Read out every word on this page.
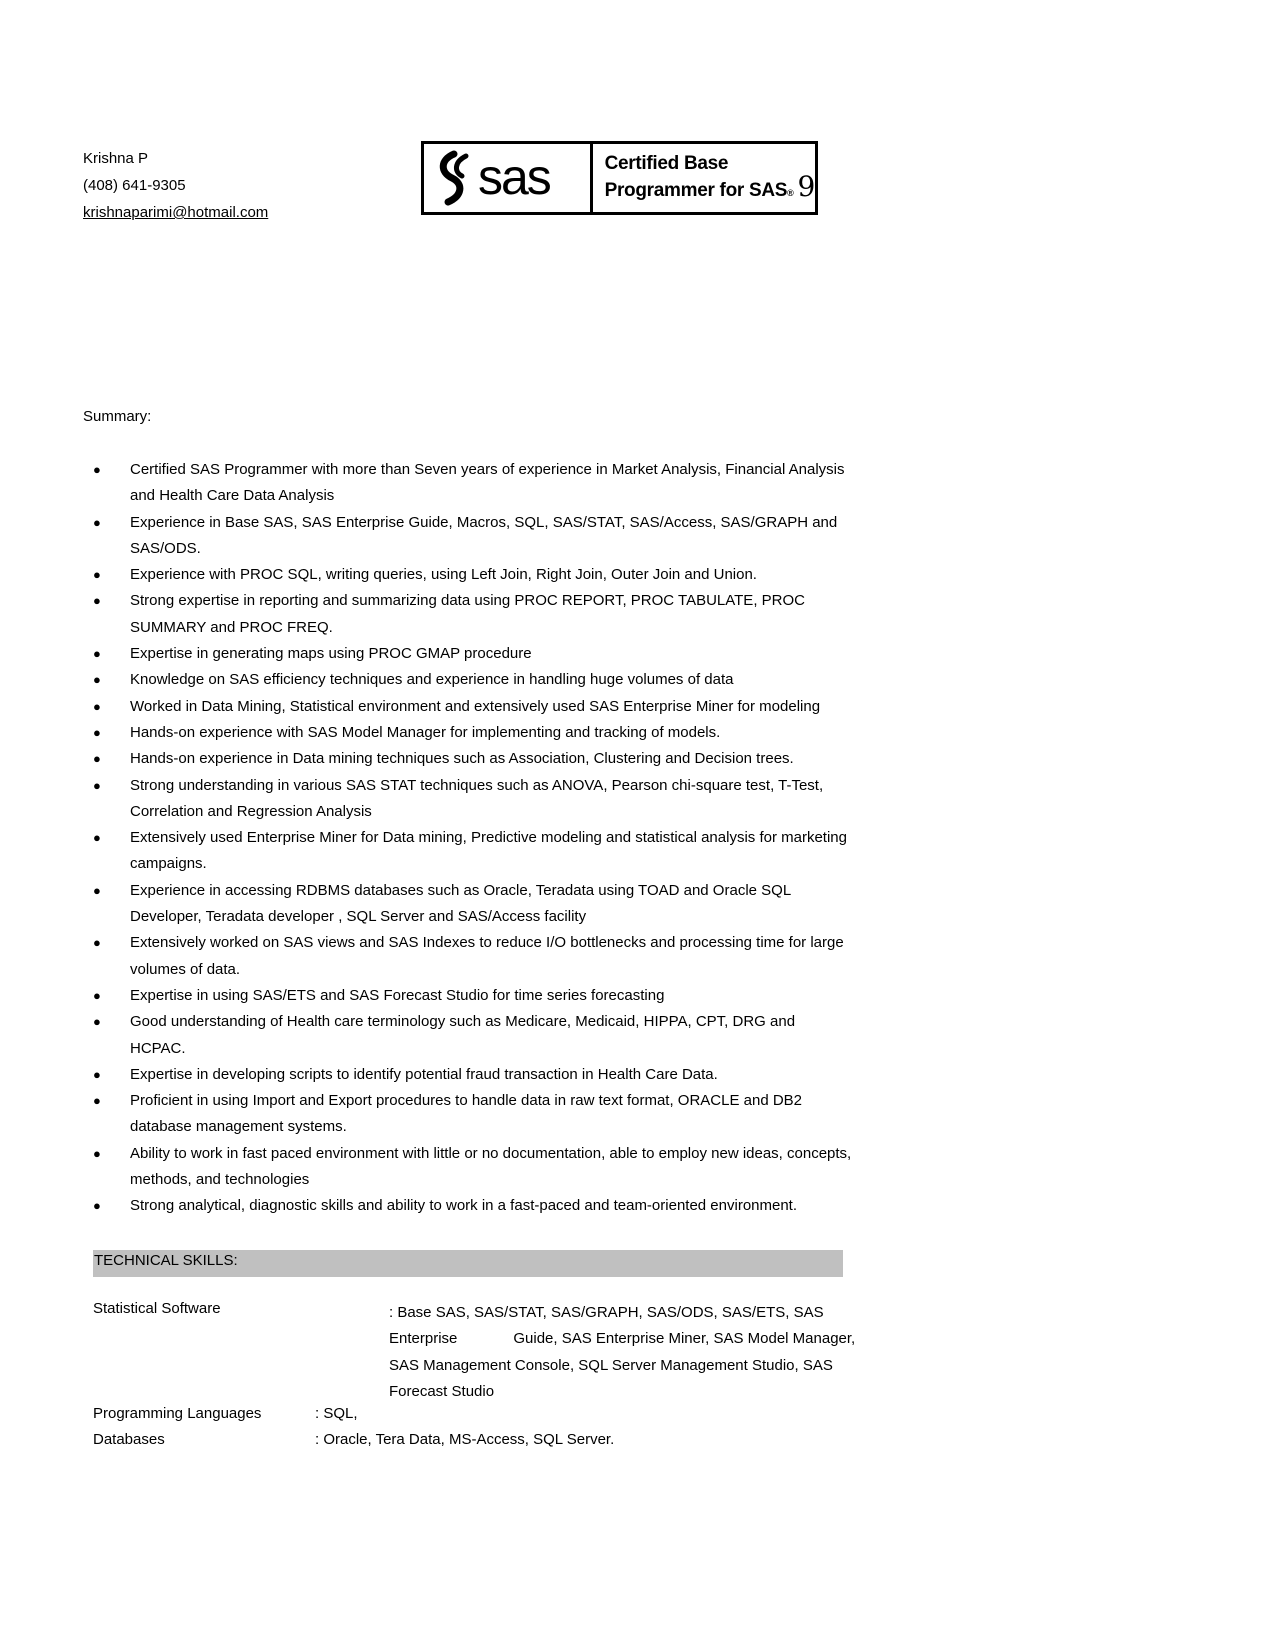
Krishna P
(408) 641-9305
krishnaparimi@hotmail.com
sas	Certified Base
Programmer for SAS ® 9
Summary:
● Certified SAS Programmer with more than Seven years of experience in Market Analysis, Financial Analysis and Health Care Data Analysis
● Experience in Base SAS, SAS Enterprise Guide, Macros, SQL, SAS/STAT, SAS/Access, SAS/GRAPH and SAS/ODS.
● Experience with PROC SQL, writing queries, using Left Join, Right Join, Outer Join and Union.
● Strong expertise in reporting and summarizing data using PROC REPORT, PROC TABULATE, PROC SUMMARY and PROC FREQ.
● Expertise in generating maps using PROC GMAP procedure
● Knowledge on SAS efficiency techniques and experience in handling huge volumes of data
● Worked in Data Mining, Statistical environment and extensively used SAS Enterprise Miner for modeling
● Hands-on experience with SAS Model Manager for implementing and tracking of models.
● Hands-on experience in Data mining techniques such as Association, Clustering and Decision trees.
● Strong understanding in various SAS STAT techniques such as ANOVA, Pearson chi-square test, T-Test, Correlation and Regression Analysis
● Extensively used Enterprise Miner for Data mining, Predictive modeling and statistical analysis for marketing campaigns.
● Experience in accessing RDBMS databases such as Oracle, Teradata using TOAD and Oracle SQL Developer, Teradata developer , SQL Server and SAS/Access facility
● Extensively worked on SAS views and SAS Indexes to reduce I/O bottlenecks and processing time for large volumes of data.
● Expertise in using SAS/ETS and SAS Forecast Studio for time series forecasting
● Good understanding of Health care terminology such as Medicare, Medicaid, HIPPA, CPT, DRG and HCPAC.
● Expertise in developing scripts to identify potential fraud transaction in Health Care Data.
● Proficient in using Import and Export procedures to handle data in raw text format, ORACLE and DB2 database management systems.
● Ability to work in fast paced environment with little or no documentation, able to employ new ideas, concepts, methods, and technologies
● Strong analytical, diagnostic skills and ability to work in a fast-paced and team-oriented environment.
TECHNICAL SKILLS:
Statistical Software	: Base SAS, SAS/STAT, SAS/GRAPH, SAS/ODS, SAS/ETS, SAS
Enterprise	Guide, SAS Enterprise Miner, SAS Model Manager,
SAS Management Console, SQL Server Management Studio, SAS
Forecast Studio
Programming Languages	: SQL,
Databases	: Oracle, Tera Data, MS-Access, SQL Server.
